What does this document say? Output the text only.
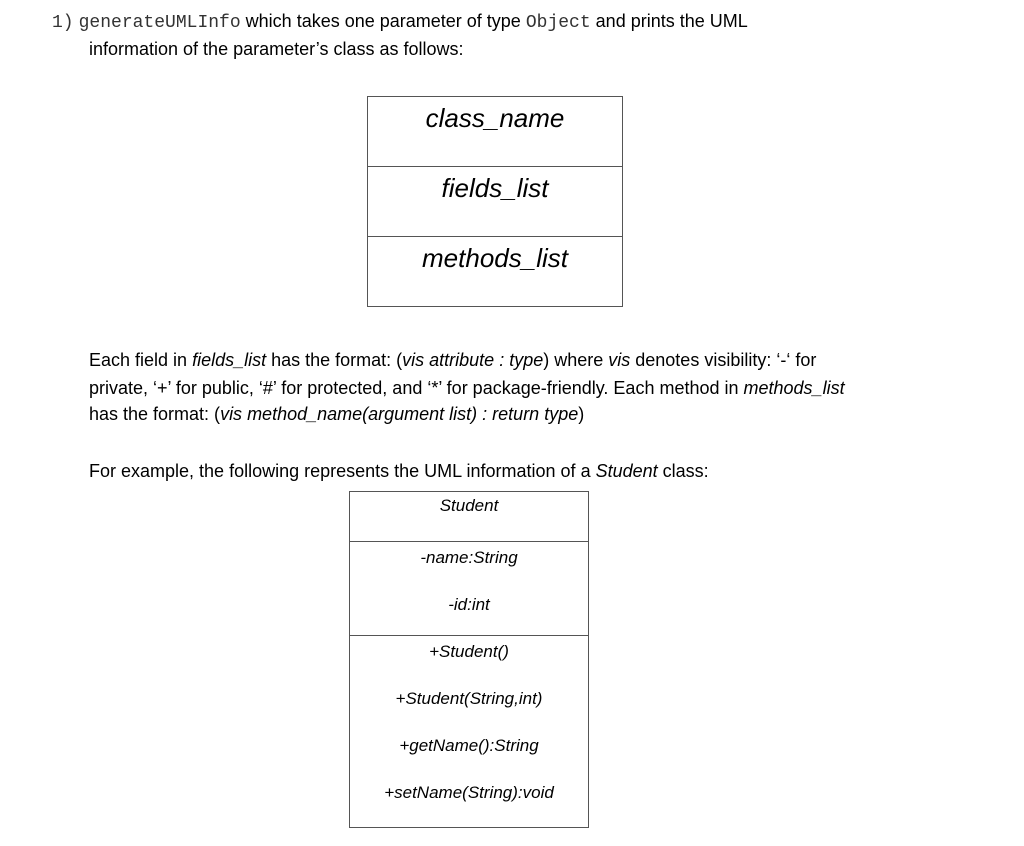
1) generateUMLInfo which takes one parameter of type Object and prints the UML
information of the parameter’s class as follows:
class_name
fields_list
methods_list
Each field in fields_list has the format: (vis attribute : type) where vis denotes visibility: ‘-‘ for
private, ‘+’ for public, ‘#’ for protected, and ‘*’ for package-friendly. Each method in methods_list
has the format: (vis method_name(argument list) : return type)
For example, the following represents the UML information of a Student class:
Student
-name:String
-id:int
+Student()
+Student(String,int)
+getName():String
+setName(String):void
